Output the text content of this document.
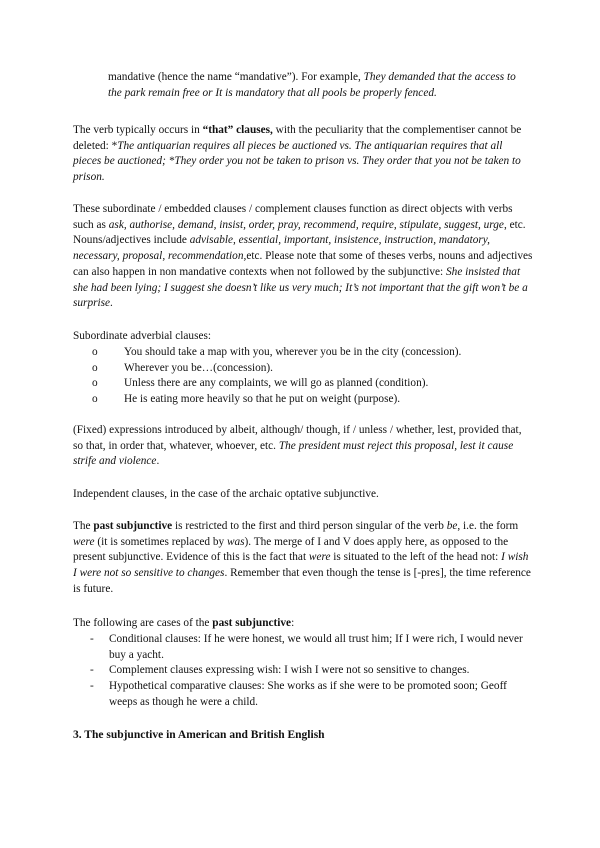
mandative (hence the name “mandative”). For example, They demanded that the access to the park remain free or It is mandatory that all pools be properly fenced.

The verb typically occurs in “that” clauses, with the peculiarity that the complementiser cannot be deleted: *The antiquarian requires all pieces be auctioned vs. The antiquarian requires that all pieces be auctioned; *They order you not be taken to prison vs. They order that you not be taken to prison.

These subordinate / embedded clauses / complement clauses function as direct objects with verbs such as ask, authorise, demand, insist, order, pray, recommend, require, stipulate, suggest, urge, etc. Nouns/adjectives include advisable, essential, important, insistence, instruction, mandatory, necessary, proposal, recommendation,etc. Please note that some of theses verbs, nouns and adjectives can also happen in non mandative contexts when not followed by the subjunctive: She insisted that she had been lying; I suggest she doesn’t like us very much; It’s not important that the gift won’t be a surprise.

Subordinate adverbial clauses:

o You should take a map with you, wherever you be in the city (concession).
o Wherever you be…(concession).
o Unless there are any complaints, we will go as planned (condition).
o He is eating more heavily so that he put on weight (purpose).

(Fixed) expressions introduced by albeit, although/ though, if / unless / whether, lest, provided that, so that, in order that, whatever, whoever, etc. The president must reject this proposal, lest it cause strife and violence.

Independent clauses, in the case of the archaic optative subjunctive.

The past subjunctive is restricted to the first and third person singular of the verb be, i.e. the form were (it is sometimes replaced by was). The merge of I and V does apply here, as opposed to the present subjunctive. Evidence of this is the fact that were is situated to the left of the head not: I wish I were not so sensitive to changes. Remember that even though the tense is [-pres], the time reference is future.

The following are cases of the past subjunctive:

- Conditional clauses: If he were honest, we would all trust him; If I were rich, I would never buy a yacht.
- Complement clauses expressing wish: I wish I were not so sensitive to changes.
- Hypothetical comparative clauses: She works as if she were to be promoted soon; Geoff weeps as though he were a child.

3. The subjunctive in American and British English
